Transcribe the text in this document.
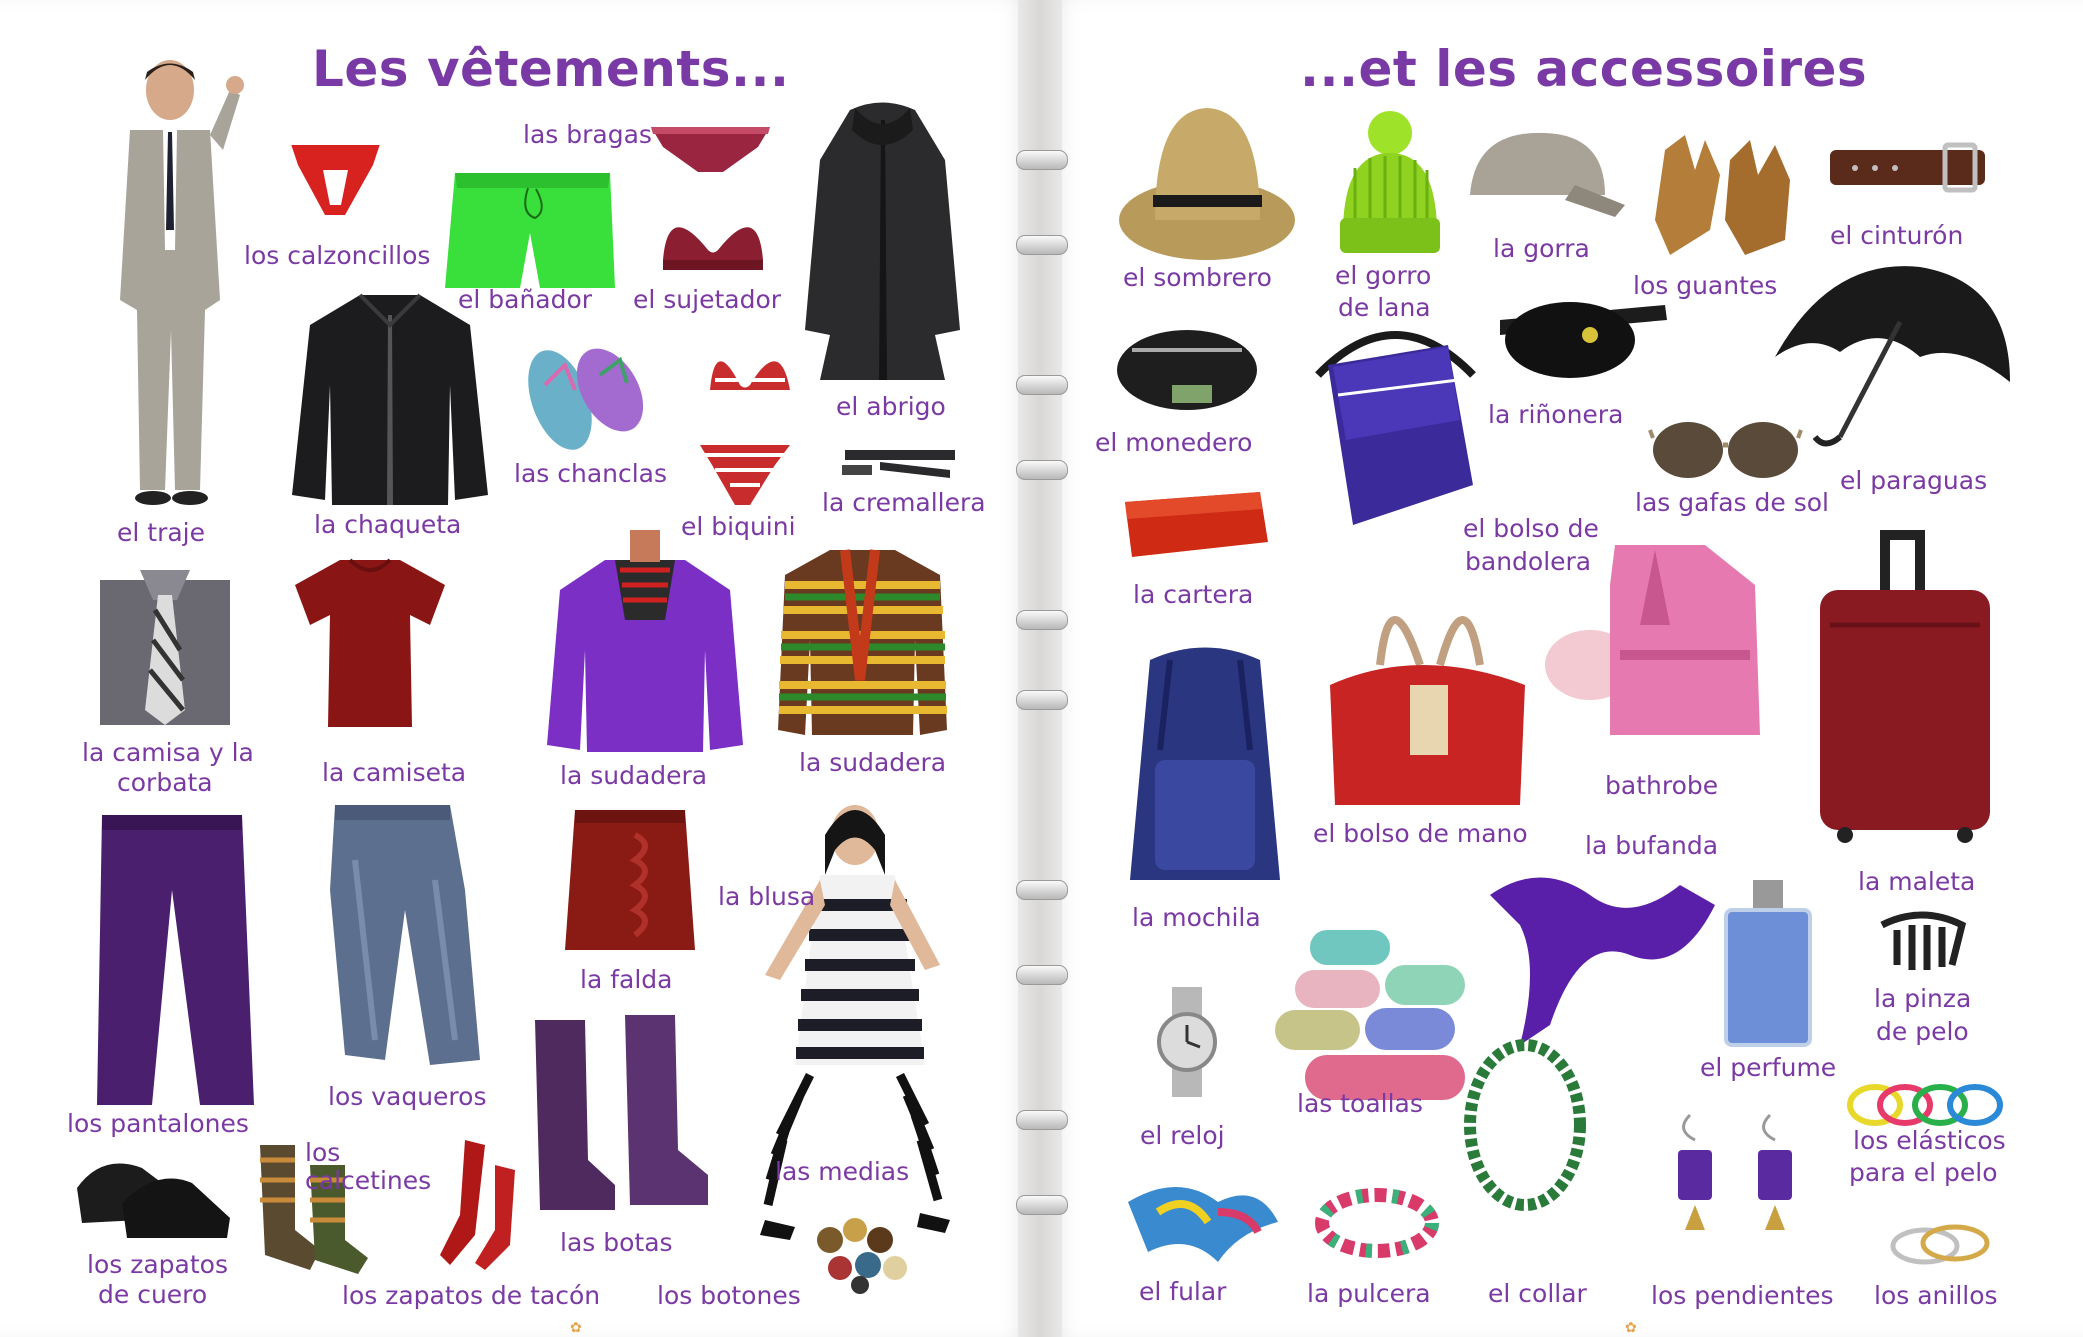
Les vêtements...	...et les accessoires
los calzoncillos
las bragas
el bañador el sujetador
el abrigo
el traje	la chaqueta
las chanclas
el biquini
la cremallera
la camisa y la
corbata	la camiseta	la sudadera	la sudadera
la falda
la blusa
los pantalones
los vaqueros
los
calcetines	las medias
las botas
los zapatos
de cuero	los zapatos de tacón los botones
el sombrero	el gorro
de lana
la gorra
los guantes
el cinturón
el monedero
la riñonera
el paraguas
las gafas de sol
el bolso de
bandolera
la cartera
bathrobe
el bolso de mano la bufanda
la maleta
la mochila
la pinza
de pelo
el perfume
el reloj
las toallas
los elásticos
para el pelo
el fular	la pulcera el collar	los pendientes los anillos
✿	✿
